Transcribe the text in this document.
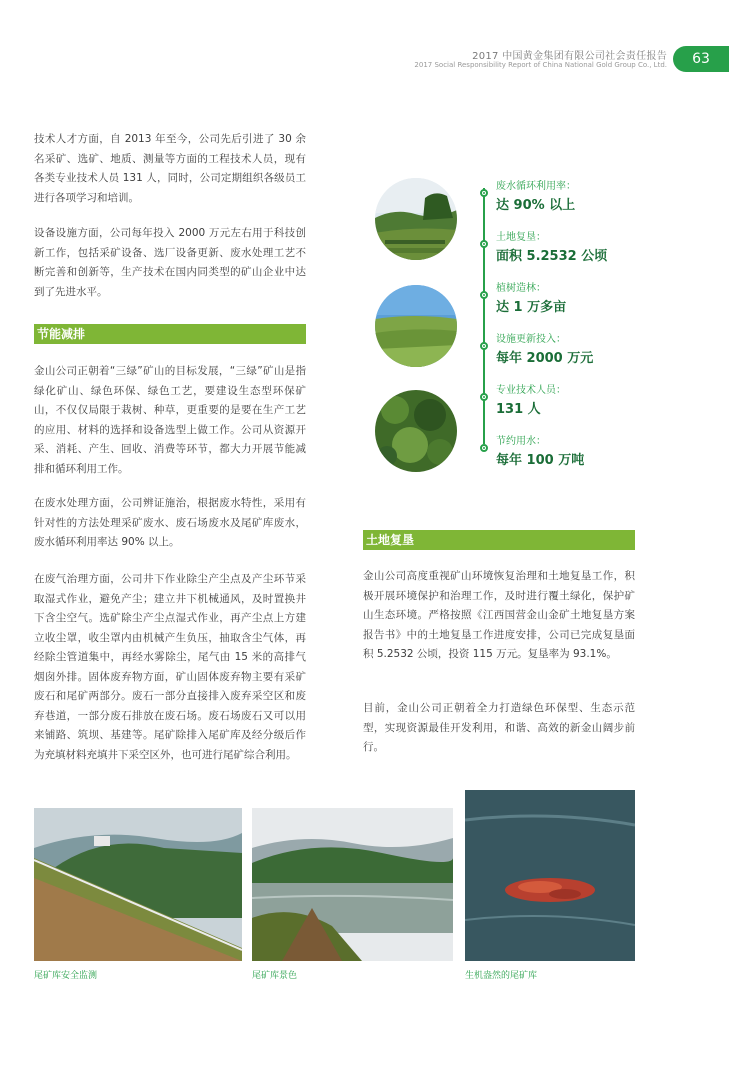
2017 中国黄金集团有限公司社会责任报告
2017 Social Responsibility Report of China National Gold Group Co., Ltd.	63

技术人才方面，自 2013 年至今，公司先后引进了 30 余名采矿、选矿、地质、测量等方面的工程技术人员，现有各类专业技术人员 131 人，同时，公司定期组织各级员工进行各项学习和培训。

设备设施方面，公司每年投入 2000 万元左右用于科技创新工作，包括采矿设备、选厂设备更新、废水处理工艺不断完善和创新等，生产技术在国内同类型的矿山企业中达到了先进水平。

节能减排

金山公司正朝着“三绿”矿山的目标发展，“三绿”矿山是指绿化矿山、绿色环保、绿色工艺，要建设生态型环保矿山，不仅仅局限于栽树、种草，更重要的是要在生产工艺的应用、材料的选择和设备选型上做工作。公司从资源开采、消耗、产生、回收、消费等环节，都大力开展节能减排和循环利用工作。

在废水处理方面，公司辨证施治，根据废水特性，采用有针对性的方法处理采矿废水、废石场废水及尾矿库废水，废水循环利用率达 90% 以上。

在废气治理方面，公司井下作业除尘产尘点及产尘环节采取湿式作业，避免产尘；建立井下机械通风，及时置换井下含尘空气。选矿除尘产尘点湿式作业，再产尘点上方建立收尘罩，收尘罩内由机械产生负压，抽取含尘气体，再经除尘管道集中，再经水雾除尘，尾气由 15 米的高排气烟囱外排。固体废弃物方面，矿山固体废弃物主要有采矿废石和尾矿两部分。废石一部分直接排入废弃采空区和废弃巷道，一部分废石排放在废石场。废石场废石又可以用来铺路、筑坝、基建等。尾矿除排入尾矿库及经分级后作为充填材料充填井下采空区外，也可进行尾矿综合利用。

废水循环利用率：
达 90% 以上
土地复垦：
面积 5.2532 公顷
植树造林：
达 1 万多亩
设施更新投入：
每年 2000 万元
专业技术人员：
131 人
节约用水：
每年 100 万吨
土地复垦

金山公司高度重视矿山环境恢复治理和土地复垦工作，积极开展环境保护和治理工作，及时进行覆土绿化，保护矿山生态环境。严格按照《江西国营金山金矿土地复垦方案报告书》中的土地复垦工作进度安排，公司已完成复垦面积 5.2532 公顷，投资 115 万元。复垦率为 93.1%。

目前，金山公司正朝着全力打造绿色环保型、生态示范型，实现资源最佳开发利用，和谐、高效的新金山阔步前行。

尾矿库安全监测	尾矿库景色	生机盎然的尾矿库
